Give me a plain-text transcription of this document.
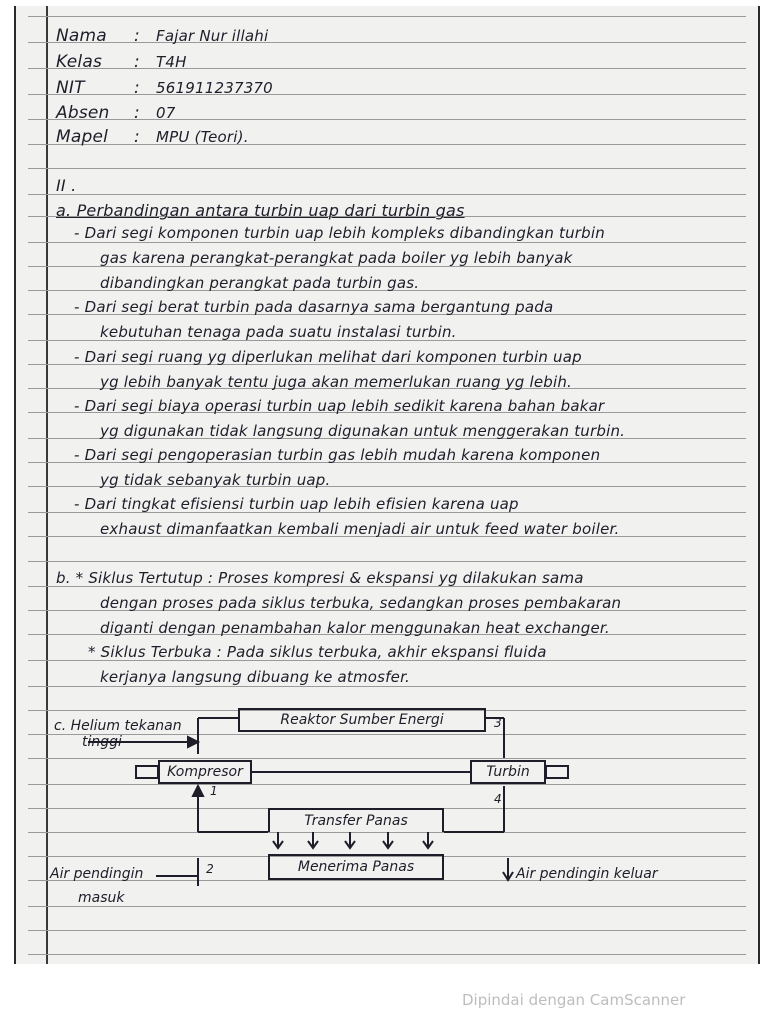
Nama : Fajar Nur illahi
Kelas : T4H
NIT	: 561911237370
Absen : 07
Mapel : MPU (Teori).
II .
a. Perbandingan antara turbin uap dari turbin gas
- Dari segi komponen turbin uap lebih kompleks dibandingkan turbin
gas karena perangkat-perangkat pada boiler yg lebih banyak
dibandingkan perangkat pada turbin gas.
- Dari segi berat turbin pada dasarnya sama bergantung pada
kebutuhan tenaga pada suatu instalasi turbin.
- Dari segi ruang yg diperlukan melihat dari komponen turbin uap
yg lebih banyak tentu juga akan memerlukan ruang yg lebih.
- Dari segi biaya operasi turbin uap lebih sedikit karena bahan bakar
yg digunakan tidak langsung digunakan untuk menggerakan turbin.
- Dari segi pengoperasian turbin gas lebih mudah karena komponen
yg tidak sebanyak turbin uap.
- Dari tingkat efisiensi turbin uap lebih efisien karena uap
exhaust dimanfaatkan kembali menjadi air untuk feed water boiler.
b. * Siklus Tertutup : Proses kompresi & ekspansi yg dilakukan sama
dengan proses pada siklus terbuka, sedangkan proses pembakaran
diganti dengan penambahan kalor menggunakan heat exchanger.
* Siklus Terbuka : Pada siklus terbuka, akhir ekspansi fluida
kerjanya langsung dibuang ke atmosfer.
c. Helium tekanan
tinggi
Reaktor Sumber Energi	3
Kompresor
1
Turbin
4
Transfer Panas
Menerima Panas
2
Air pendingin
masuk
Air pendingin keluar
Dipindai dengan CamScanner
